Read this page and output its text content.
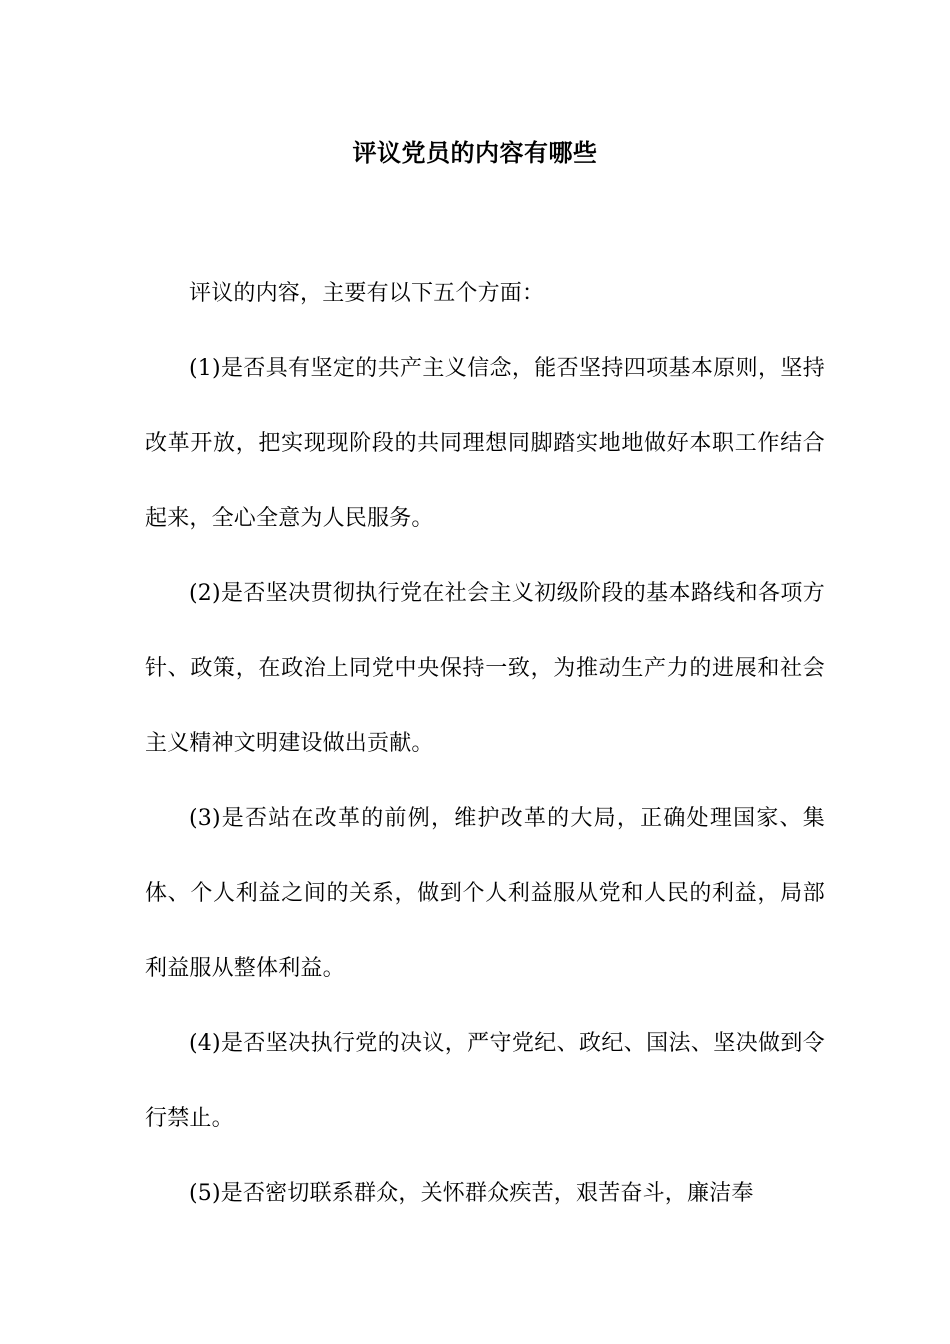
评议党员的内容有哪些

评议的内容，主要有以下五个方面：

(1)是否具有坚定的共产主义信念，能否坚持四项基本原则，坚持改革开放，把实现现阶段的共同理想同脚踏实地地做好本职工作结合起来，全心全意为人民服务。

(2)是否坚决贯彻执行党在社会主义初级阶段的基本路线和各项方针、政策，在政治上同党中央保持一致，为推动生产力的进展和社会主义精神文明建设做出贡献。

(3)是否站在改革的前例，维护改革的大局，正确处理国家、集体、个人利益之间的关系，做到个人利益服从党和人民的利益，局部利益服从整体利益。

(4)是否坚决执行党的决议，严守党纪、政纪、国法、坚决做到令行禁止。

(5)是否密切联系群众，关怀群众疾苦，艰苦奋斗，廉洁奉
